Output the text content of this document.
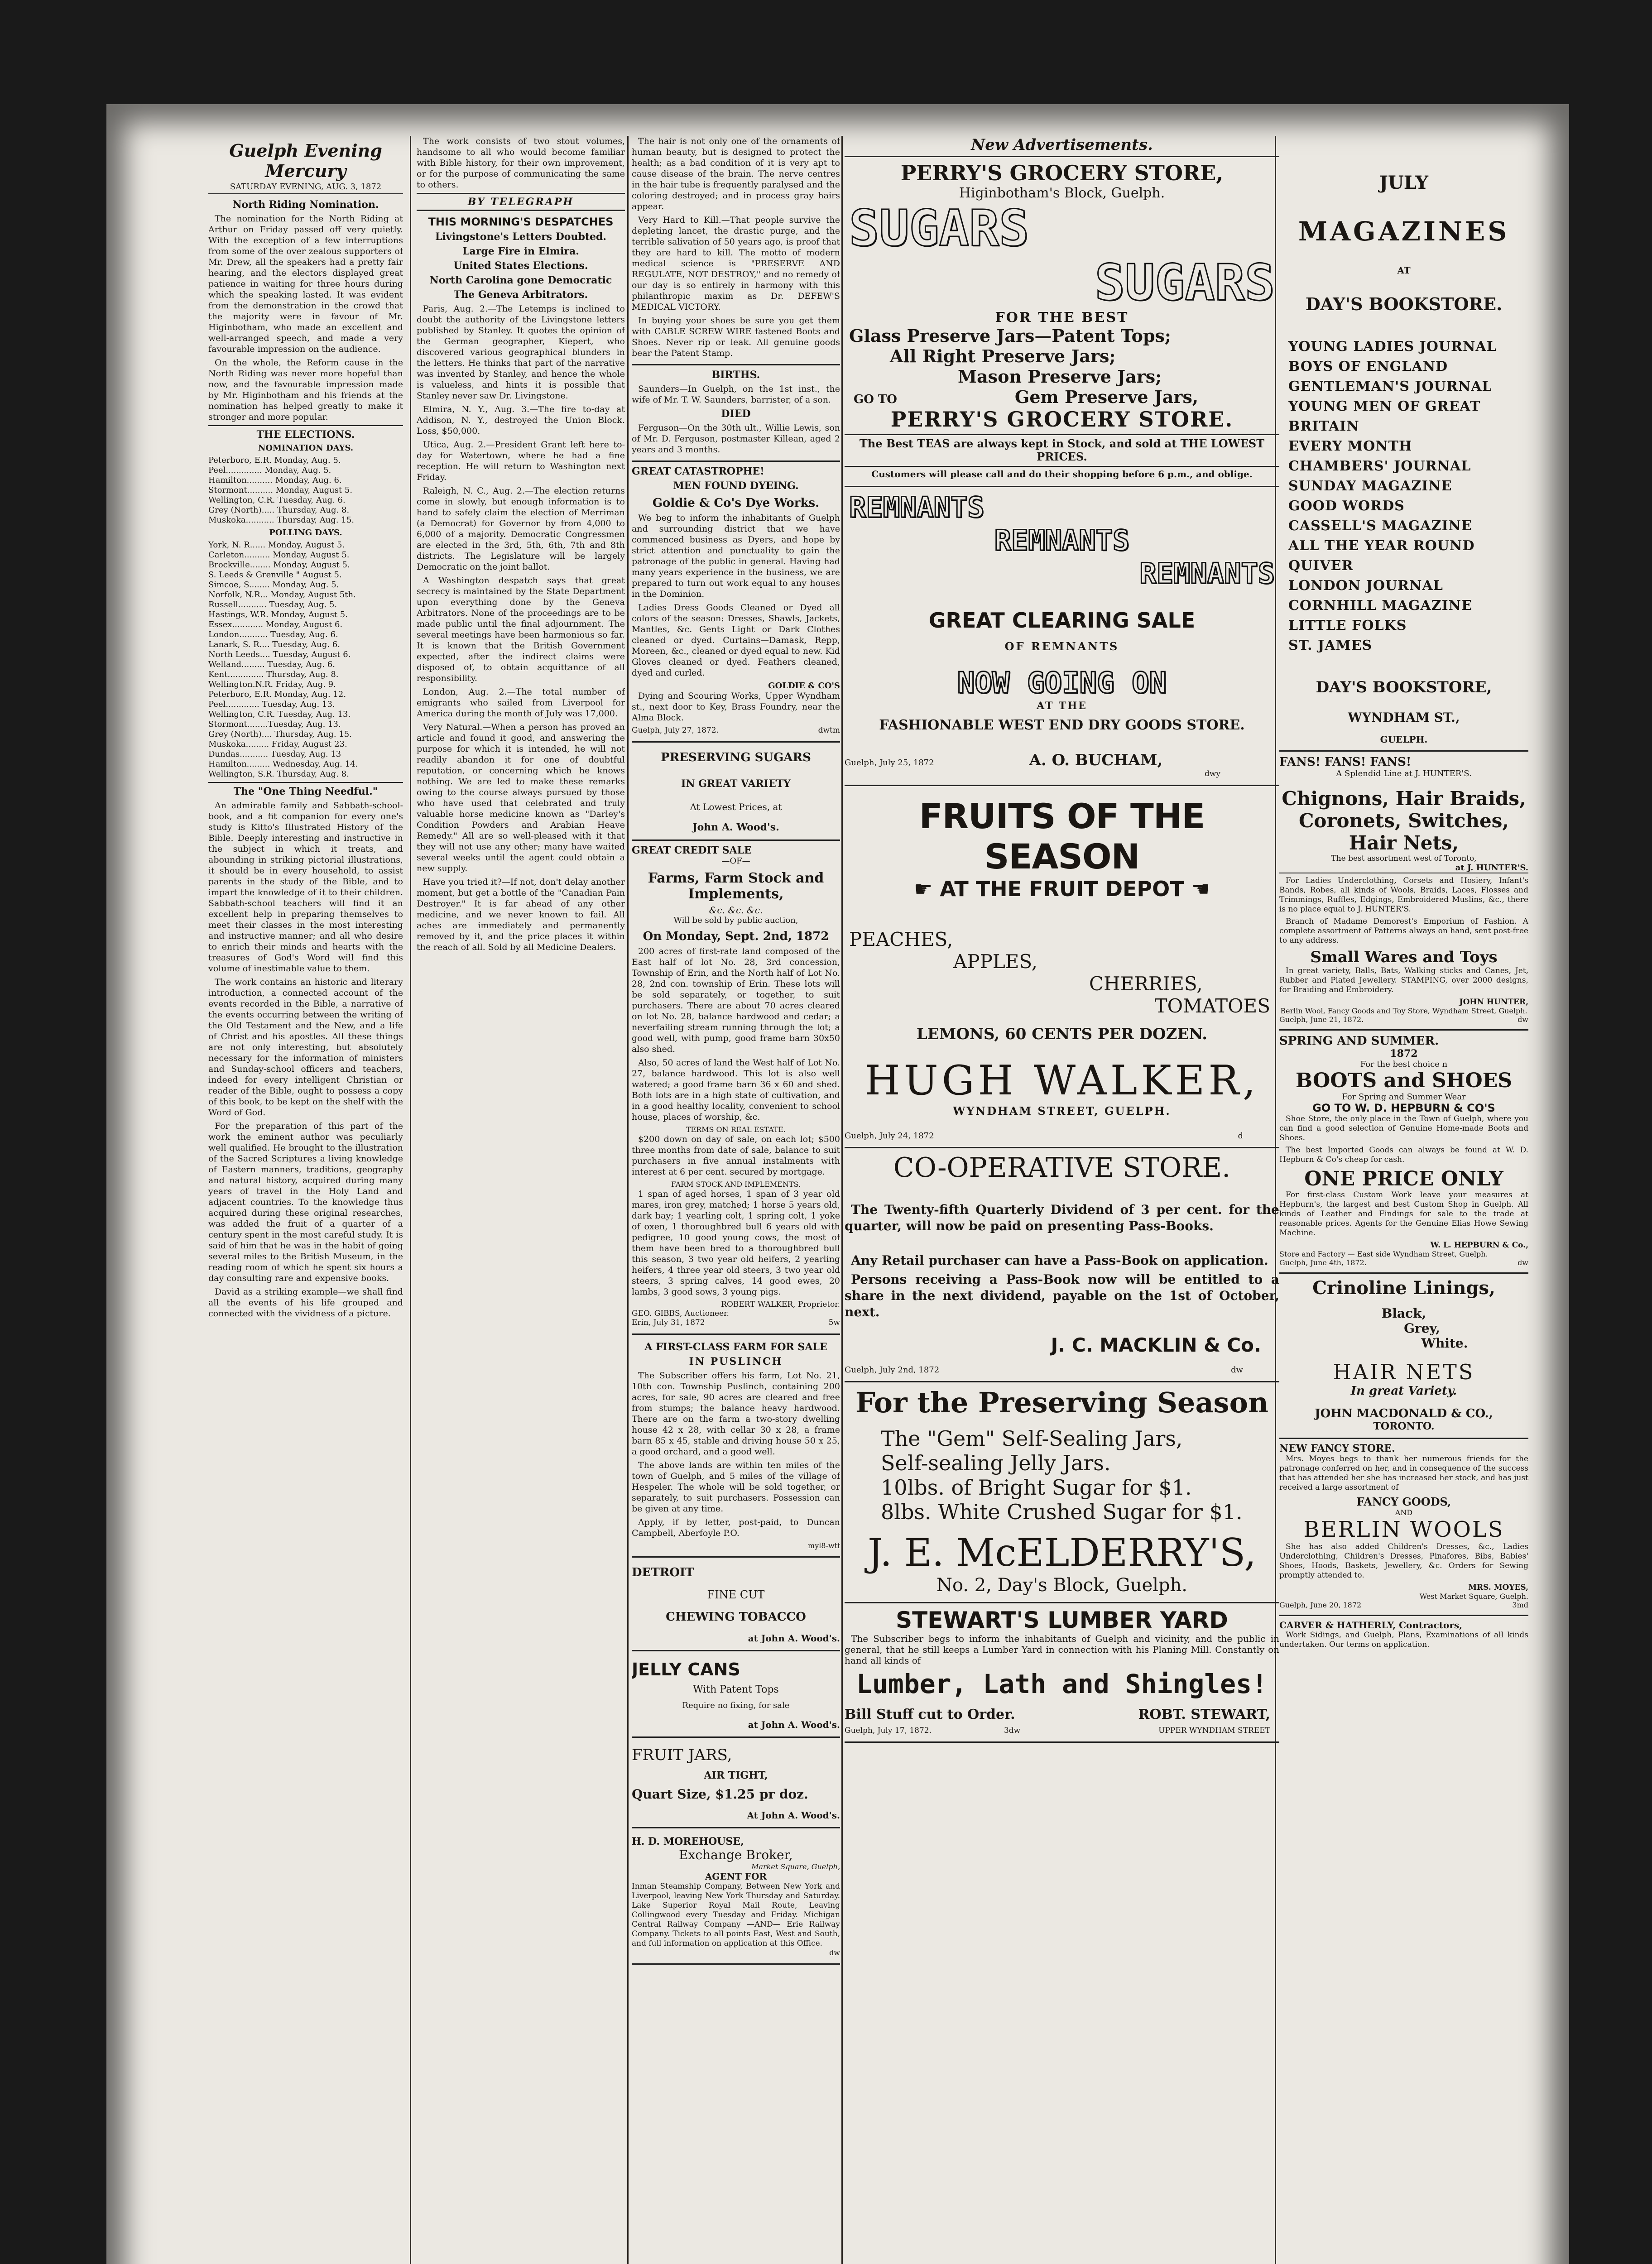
Guelph Evening Mercury
SATURDAY EVENING, AUG. 3, 1872
North Riding Nomination.

The nomination for the North Riding at Arthur on Friday passed off very quietly. With the exception of a few interruptions from some of the over zealous supporters of Mr. Drew, all the speakers had a pretty fair hearing, and the electors displayed great patience in waiting for three hours during which the speaking lasted. It was evident from the demonstration in the crowd that the majority were in favour of Mr. Higinbotham, who made an excellent and well-arranged speech, and made a very favourable impression on the audience.

On the whole, the Reform cause in the North Riding was never more hopeful than now, and the favourable impression made by Mr. Higinbotham and his friends at the nomination has helped greatly to make it stronger and more popular.

THE ELECTIONS.
NOMINATION DAYS.
Peterboro, E.R. Monday, Aug. 5.
Peel.............. Monday, Aug. 5.
Hamilton.......... Monday, Aug. 6.
Stormont.......... Monday, August 5.
Wellington, C.R. Tuesday, Aug. 6.
Grey (North)..... Thursday, Aug. 8.
Muskoka........... Thursday, Aug. 15.
POLLING DAYS.
York, N. R...... Monday, August 5.
Carleton.......... Monday, August 5.
Brockville........ Monday, August 5.
S. Leeds & Grenville " August 5.
Simcoe, S........ Monday, Aug. 5.
Norfolk, N.R... Monday, August 5th.
Russell........... Tuesday, Aug. 5.
Hastings, W.R. Monday, August 5.
Essex............ Monday, August 6.
London........... Tuesday, Aug. 6.
Lanark, S. R.... Tuesday, Aug. 6.
North Leeds.... Tuesday, August 6.
Welland......... Tuesday, Aug. 6.
Kent.............. Thursday, Aug. 8.
Wellington.N.R. Friday, Aug. 9.
Peterboro, E.R. Monday, Aug. 12.
Peel............. Tuesday, Aug. 13.
Wellington, C.R. Tuesday, Aug. 13.
Stormont........Tuesday, Aug. 13.
Grey (North).... Thursday, Aug. 15.
Muskoka......... Friday, August 23.
Dundas........... Tuesday, Aug. 13
Hamilton......... Wednesday, Aug. 14.
Wellington, S.R. Thursday, Aug. 8.
The "One Thing Needful."

An admirable family and Sabbath-school-book, and a fit companion for every one's study is Kitto's Illustrated History of the Bible. Deeply interesting and instructive in the subject in which it treats, and abounding in striking pictorial illustrations, it should be in every household, to assist parents in the study of the Bible, and to impart the knowledge of it to their children. Sabbath-school teachers will find it an excellent help in preparing themselves to meet their classes in the most interesting and instructive manner; and all who desire to enrich their minds and hearts with the treasures of God's Word will find this volume of inestimable value to them.

The work contains an historic and literary introduction, a connected account of the events recorded in the Bible, a narrative of the events occurring between the writing of the Old Testament and the New, and a life of Christ and his apostles. All these things are not only interesting, but absolutely necessary for the information of ministers and Sunday-school officers and teachers, indeed for every intelligent Christian or reader of the Bible, ought to possess a copy of this book, to be kept on the shelf with the Word of God.

For the preparation of this part of the work the eminent author was peculiarly well qualified. He brought to the illustration of the Sacred Scriptures a living knowledge of Eastern manners, traditions, geography and natural history, acquired during many years of travel in the Holy Land and adjacent countries. To the knowledge thus acquired during these original researches, was added the fruit of a quarter of a century spent in the most careful study. It is said of him that he was in the habit of going several miles to the British Museum, in the reading room of which he spent six hours a day consulting rare and expensive books.

David as a striking example—we shall find all the events of his life grouped and connected with the vividness of a picture.

The work consists of two stout volumes, handsome to all who would become familiar with Bible history, for their own improvement, or for the purpose of communicating the same to others.

BY TELEGRAPH
THIS MORNING'S DESPATCHES
Livingstone's Letters Doubted.
Large Fire in Elmira.
United States Elections.
North Carolina gone Democratic
The Geneva Arbitrators.

Paris, Aug. 2.—The Letemps is inclined to doubt the authority of the Livingstone letters published by Stanley. It quotes the opinion of the German geographer, Kiepert, who discovered various geographical blunders in the letters. He thinks that part of the narrative was invented by Stanley, and hence the whole is valueless, and hints it is possible that Stanley never saw Dr. Livingstone.

Elmira, N. Y., Aug. 3.—The fire to-day at Addison, N. Y., destroyed the Union Block. Loss, $50,000.

Utica, Aug. 2.—President Grant left here to-day for Watertown, where he had a fine reception. He will return to Washington next Friday.

Raleigh, N. C., Aug. 2.—The election returns come in slowly, but enough information is to hand to safely claim the election of Merriman (a Democrat) for Governor by from 4,000 to 6,000 of a majority. Democratic Congressmen are elected in the 3rd, 5th, 6th, 7th and 8th districts. The Legislature will be largely Democratic on the joint ballot.

A Washington despatch says that great secrecy is maintained by the State Department upon everything done by the Geneva Arbitrators. None of the proceedings are to be made public until the final adjournment. The several meetings have been harmonious so far. It is known that the British Government expected, after the indirect claims were disposed of, to obtain acquittance of all responsibility.

London, Aug. 2.—The total number of emigrants who sailed from Liverpool for America during the month of July was 17,000.

Very Natural.—When a person has proved an article and found it good, and answering the purpose for which it is intended, he will not readily abandon it for one of doubtful reputation, or concerning which he knows nothing. We are led to make these remarks owing to the course always pursued by those who have used that celebrated and truly valuable horse medicine known as "Darley's Condition Powders and Arabian Heave Remedy." All are so well-pleased with it that they will not use any other; many have waited several weeks until the agent could obtain a new supply.

Have you tried it?—If not, don't delay another moment, but get a bottle of the "Canadian Pain Destroyer." It is far ahead of any other medicine, and we never known to fail. All aches are immediately and permanently removed by it, and the price places it within the reach of all. Sold by all Medicine Dealers.

The hair is not only one of the ornaments of human beauty, but is designed to protect the health; as a bad condition of it is very apt to cause disease of the brain. The nerve centres in the hair tube is frequently paralysed and the coloring destroyed; and in process gray hairs appear.

Very Hard to Kill.—That people survive the depleting lancet, the drastic purge, and the terrible salivation of 50 years ago, is proof that they are hard to kill. The motto of modern medical science is "PRESERVE AND REGULATE, NOT DESTROY," and no remedy of our day is so entirely in harmony with this philanthropic maxim as Dr. DEFEW'S MEDICAL VICTORY.

In buying your shoes be sure you get them with CABLE SCREW WIRE fastened Boots and Shoes. Never rip or leak. All genuine goods bear the Patent Stamp.

BIRTHS.

Saunders—In Guelph, on the 1st inst., the wife of Mr. T. W. Saunders, barrister, of a son.

DIED

Ferguson—On the 30th ult., Willie Lewis, son of Mr. D. Ferguson, postmaster Killean, aged 2 years and 3 months.

GREAT CATASTROPHE!
MEN FOUND DYEING.
Goldie & Co's Dye Works.

We beg to inform the inhabitants of Guelph and surrounding district that we have commenced business as Dyers, and hope by strict attention and punctuality to gain the patronage of the public in general. Having had many years experience in the business, we are prepared to turn out work equal to any houses in the Dominion.

Ladies Dress Goods Cleaned or Dyed all colors of the season: Dresses, Shawls, Jackets, Mantles, &c. Gents Light or Dark Clothes cleaned or dyed. Curtains—Damask, Repp, Moreen, &c., cleaned or dyed equal to new. Kid Gloves cleaned or dyed. Feathers cleaned, dyed and curled.

GOLDIE & CO'S

Dying and Scouring Works, Upper Wyndham st., next door to Key, Brass Foundry, near the Alma Block.

Guelph, July 27, 1872.	dwtm
PRESERVING SUGARS
IN GREAT VARIETY
At Lowest Prices, at
John A. Wood's.
GREAT CREDIT SALE
—OF—
Farms, Farm Stock and Implements,
&c. &c. &c.
Will be sold by public auction,
On Monday, Sept. 2nd, 1872

200 acres of first-rate land composed of the East half of lot No. 28, 3rd concession, Township of Erin, and the North half of Lot No. 28, 2nd con. township of Erin. These lots will be sold separately, or together, to suit purchasers. There are about 70 acres cleared on lot No. 28, balance hardwood and cedar; a neverfailing stream running through the lot; a good well, with pump, good frame barn 30x50 also shed.

Also, 50 acres of land the West half of Lot No. 27, balance hardwood. This lot is also well watered; a good frame barn 36 x 60 and shed. Both lots are in a high state of cultivation, and in a good healthy locality, convenient to school house, places of worship, &c.

TERMS ON REAL ESTATE.

$200 down on day of sale, on each lot; $500 three months from date of sale, balance to suit purchasers in five annual instalments with interest at 6 per cent. secured by mortgage.

FARM STOCK AND IMPLEMENTS.

1 span of aged horses, 1 span of 3 year old mares, iron grey, matched; 1 horse 5 years old, dark bay; 1 yearling colt, 1 spring colt, 1 yoke of oxen, 1 thoroughbred bull 6 years old with pedigree, 10 good young cows, the most of them have been bred to a thoroughbred bull this season, 3 two year old heifers, 2 yearling heifers, 4 three year old steers, 3 two year old steers, 3 spring calves, 14 good ewes, 20 lambs, 3 good sows, 3 young pigs.

ROBERT WALKER, Proprietor.
GEO. GIBBS, Auctioneer.
Erin, July 31, 1872	5w
A FIRST-CLASS FARM FOR SALE
IN PUSLINCH

The Subscriber offers his farm, Lot No. 21, 10th con. Township Puslinch, containing 200 acres, for sale, 90 acres are cleared and free from stumps; the balance heavy hardwood. There are on the farm a two-story dwelling house 42 x 28, with cellar 30 x 28, a frame barn 85 x 45, stable and driving house 50 x 25, a good orchard, and a good well.

The above lands are within ten miles of the town of Guelph, and 5 miles of the village of Hespeler. The whole will be sold together, or separately, to suit purchasers. Possession can be given at any time.

Apply, if by letter, post-paid, to Duncan Campbell, Aberfoyle P.O.

myl8-wtf
DETROIT
FINE CUT
CHEWING TOBACCO
at John A. Wood's.
JELLY CANS
With Patent Tops
Require no fixing, for sale
at John A. Wood's.
FRUIT JARS,
AIR TIGHT,
Quart Size, $1.25 pr doz.
At John A. Wood's.
H. D. MOREHOUSE,
Exchange Broker,
Market Square, Guelph,
AGENT FOR
Inman Steamship Company, Between New York and Liverpool, leaving New York Thursday and Saturday. Lake Superior Royal Mail Route, Leaving Collingwood every Tuesday and Friday. Michigan Central Railway Company —AND— Erie Railway Company. Tickets to all points East, West and South, and full information on application at this Office.
dw
New Advertisements.
PERRY'S GROCERY STORE,
Higinbotham's Block, Guelph.
SUGARS
SUGARS
FOR THE BEST
Glass Preserve Jars—Patent Tops;
All Right Preserve Jars;
Mason Preserve Jars;
GO TO	Gem Preserve Jars,
PERRY'S GROCERY STORE.
The Best TEAS are always kept in Stock, and sold at THE LOWEST PRICES.
Customers will please call and do their shopping before 6 p.m., and oblige.
REMNANTS
REMNANTS
REMNANTS
GREAT CLEARING SALE
OF REMNANTS
NOW GOING ON
AT THE
FASHIONABLE WEST END DRY GOODS STORE.
Guelph, July 25, 1872	A. O. BUCHAM,
dwy
FRUITS OF THE SEASON
☛ AT THE FRUIT DEPOT ☚
PEACHES,
APPLES,
CHERRIES,
TOMATOES
LEMONS, 60 CENTS PER DOZEN.
HUGH WALKER,
WYNDHAM STREET, GUELPH.
Guelph, July 24, 1872	d
CO-OPERATIVE STORE.

The Twenty-fifth Quarterly Dividend of 3 per cent. for the quarter, will now be paid on presenting Pass-Books.

Any Retail purchaser can have a Pass-Book on application.

Persons receiving a Pass-Book now will be entitled to a share in the next dividend, payable on the 1st of October, next.

J. C. MACKLIN & Co.
Guelph, July 2nd, 1872	dw
For the Preserving Season
The "Gem" Self-Sealing Jars,
Self-sealing Jelly Jars.
10lbs. of Bright Sugar for $1.
8lbs. White Crushed Sugar for $1.
J. E. McELDERRY'S,
No. 2, Day's Block, Guelph.
STEWART'S LUMBER YARD

The Subscriber begs to inform the inhabitants of Guelph and vicinity, and the public in general, that he still keeps a Lumber Yard in connection with his Planing Mill. Constantly on hand all kinds of

Lumber, Lath and Shingles!
Bill Stuff cut to Order.	ROBT. STEWART,
Guelph, July 17, 1872.	3dw	UPPER WYNDHAM STREET
JULY
MAGAZINES
AT
DAY'S BOOKSTORE.
YOUNG LADIES JOURNAL
BOYS OF ENGLAND
GENTLEMAN'S JOURNAL
YOUNG MEN OF GREAT BRITAIN
EVERY MONTH
CHAMBERS' JOURNAL
SUNDAY MAGAZINE
GOOD WORDS
CASSELL'S MAGAZINE
ALL THE YEAR ROUND
QUIVER
LONDON JOURNAL
CORNHILL MAGAZINE
LITTLE FOLKS
ST. JAMES
DAY'S BOOKSTORE,
WYNDHAM ST.,
GUELPH.
FANS! FANS! FANS!
A Splendid Line at J. HUNTER'S.
Chignons, Hair Braids,
Coronets, Switches,
Hair Nets,
The best assortment west of Toronto,
at J. HUNTER'S.

For Ladies Underclothing, Corsets and Hosiery, Infant's Bands, Robes, all kinds of Wools, Braids, Laces, Flosses and Trimmings, Ruffles, Edgings, Embroidered Muslins, &c., there is no place equal to J. HUNTER'S.

Branch of Madame Demorest's Emporium of Fashion. A complete assortment of Patterns always on hand, sent post-free to any address.

Small Wares and Toys

In great variety, Balls, Bats, Walking sticks and Canes, Jet, Rubber and Plated Jewellery. STAMPING, over 2000 designs, for Braiding and Embroidery.

JOHN HUNTER,
Berlin Wool, Fancy Goods and Toy Store, Wyndham Street, Guelph.
Guelph, June 21, 1872.	dw
SPRING AND SUMMER.
1872
For the best choice n
BOOTS and SHOES
For Spring and Summer Wear
GO TO W. D. HEPBURN & CO'S

Shoe Store, the only place in the Town of Guelph, where you can find a good selection of Genuine Home-made Boots and Shoes.

The best Imported Goods can always be found at W. D. Hepburn & Co's cheap for cash.

ONE PRICE ONLY

For first-class Custom Work leave your measures at Hepburn's, the largest and best Custom Shop in Guelph. All kinds of Leather and Findings for sale to the trade at reasonable prices. Agents for the Genuine Elias Howe Sewing Machine.

W. L. HEPBURN & Co.,
Store and Factory — East side Wyndham Street, Guelph.
Guelph, June 4th, 1872.	dw
Crinoline Linings,
Black,
Grey,
White.
HAIR NETS
In great Variety.
JOHN MACDONALD & CO.,
TORONTO.
NEW FANCY STORE.

Mrs. Moyes begs to thank her numerous friends for the patronage conferred on her, and in consequence of the success that has attended her she has increased her stock, and has just received a large assortment of

FANCY GOODS,
AND
BERLIN WOOLS

She has also added Children's Dresses, &c., Ladies Underclothing, Children's Dresses, Pinafores, Bibs, Babies' Shoes, Hoods, Baskets, Jewellery, &c. Orders for Sewing promptly attended to.

MRS. MOYES,
West Market Square, Guelph.
Guelph, June 20, 1872	3md
CARVER & HATHERLY, Contractors,

Work Sidings, and Guelph, Plans, Examinations of all kinds undertaken. Our terms on application.
